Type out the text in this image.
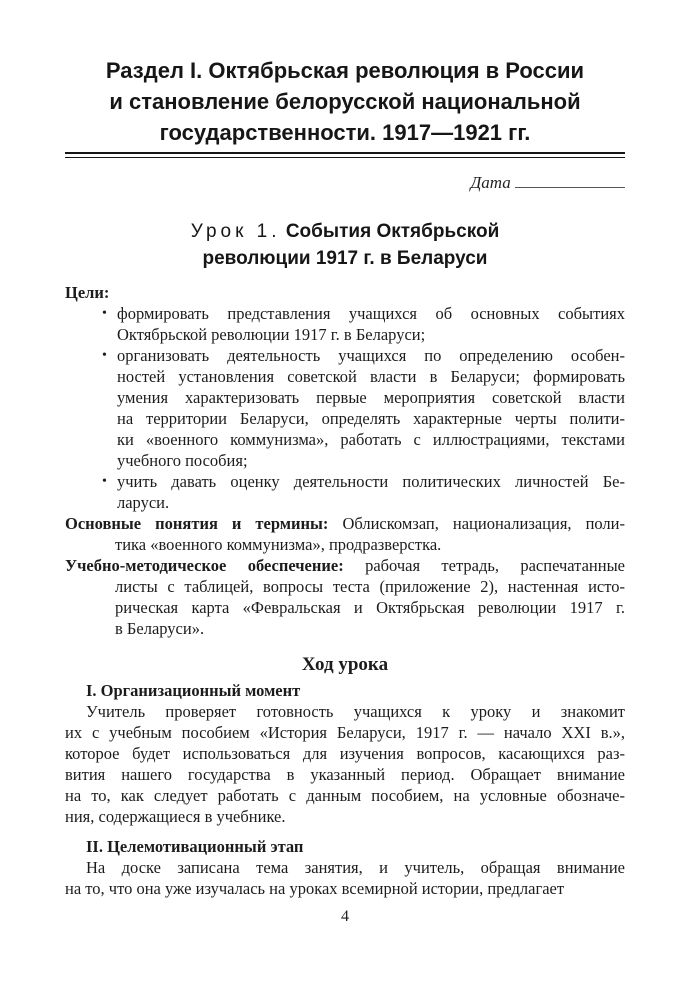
Раздел I. Октябрьская революция в России
и становление белорусской национальной
государственности. 1917—1921 гг.
Дата
Урок 1. События Октябрьской
революции 1917 г. в Беларуси
Цели:
• формировать представления учащихся об основных событиях
Октябрьской революции 1917 г. в Беларуси;
• организовать деятельность учащихся по определению особен-
ностей установления советской власти в Беларуси; формировать
умения характеризовать первые мероприятия советской власти
на территории Беларуси, определять характерные черты полити-
ки «военного коммунизма», работать с иллюстрациями, текстами
учебного пособия;
• учить давать оценку деятельности политических личностей Бе-
ларуси.
Основные понятия и термины: Облискомзап, национализация, поли-
тика «военного коммунизма», продразверстка.
Учебно-методическое обеспечение: рабочая тетрадь, распечатанные
листы с таблицей, вопросы теста (приложение 2), настенная исто-
рическая карта «Февральская и Октябрьская революции 1917 г.
в Беларуси».
Ход урока
I. Организационный момент
Учитель проверяет готовность учащихся к уроку и знакомит
их с учебным пособием «История Беларуси, 1917 г. — начало XXI в.»,
которое будет использоваться для изучения вопросов, касающихся раз-
вития нашего государства в указанный период. Обращает внимание
на то, как следует работать с данным пособием, на условные обозначе-
ния, содержащиеся в учебнике.
II. Целемотивационный этап
На доске записана тема занятия, и учитель, обращая внимание
на то, что она уже изучалась на уроках всемирной истории, предлагает
4
